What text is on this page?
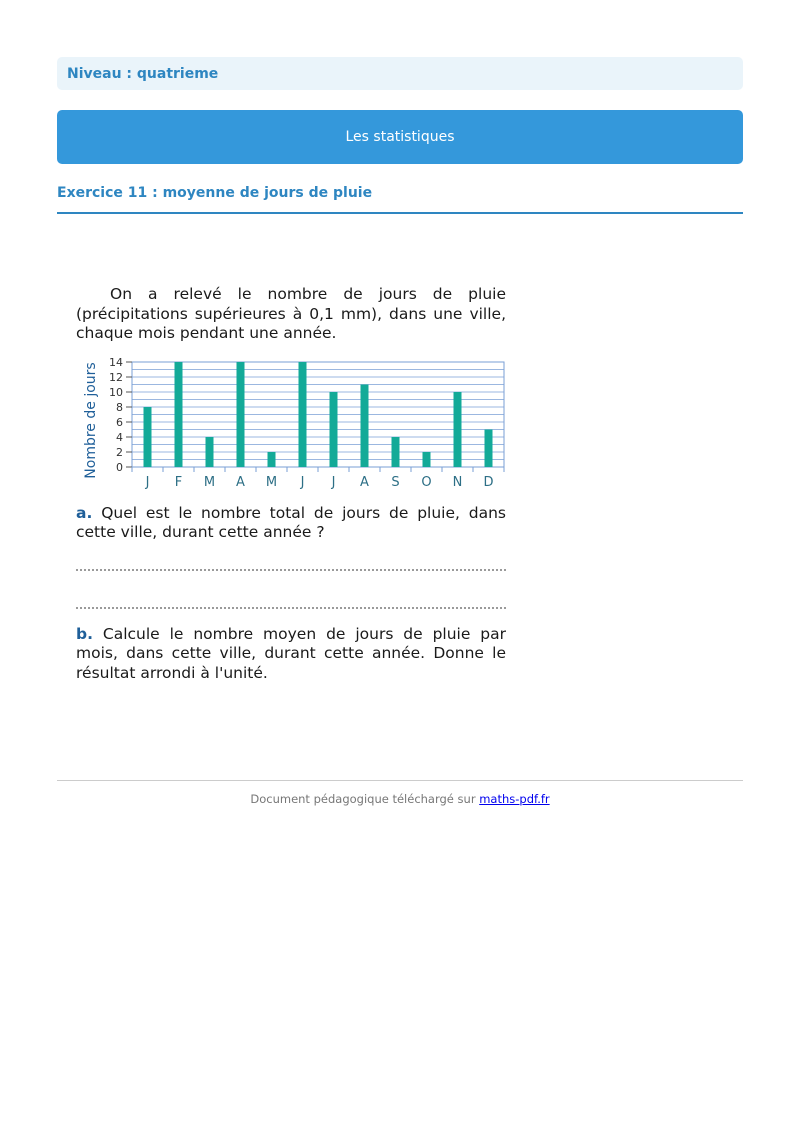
Niveau : quatrieme
Les statistiques
Exercice 11 : moyenne de jours de pluie

On a relevé le nombre de jours de pluie (précipitations supérieures à 0,1 mm), dans une ville, chaque mois pendant une année.

0
2
4
6
8
10
12
14
Nombre de jours
J F M A M J J A S O N D

a. Quel est le nombre total de jours de pluie, dans cette ville, durant cette année ?

b. Calcule le nombre moyen de jours de pluie par mois, dans cette ville, durant cette année. Donne le résultat arrondi à l'unité.

Document pédagogique téléchargé sur maths-pdf.fr
